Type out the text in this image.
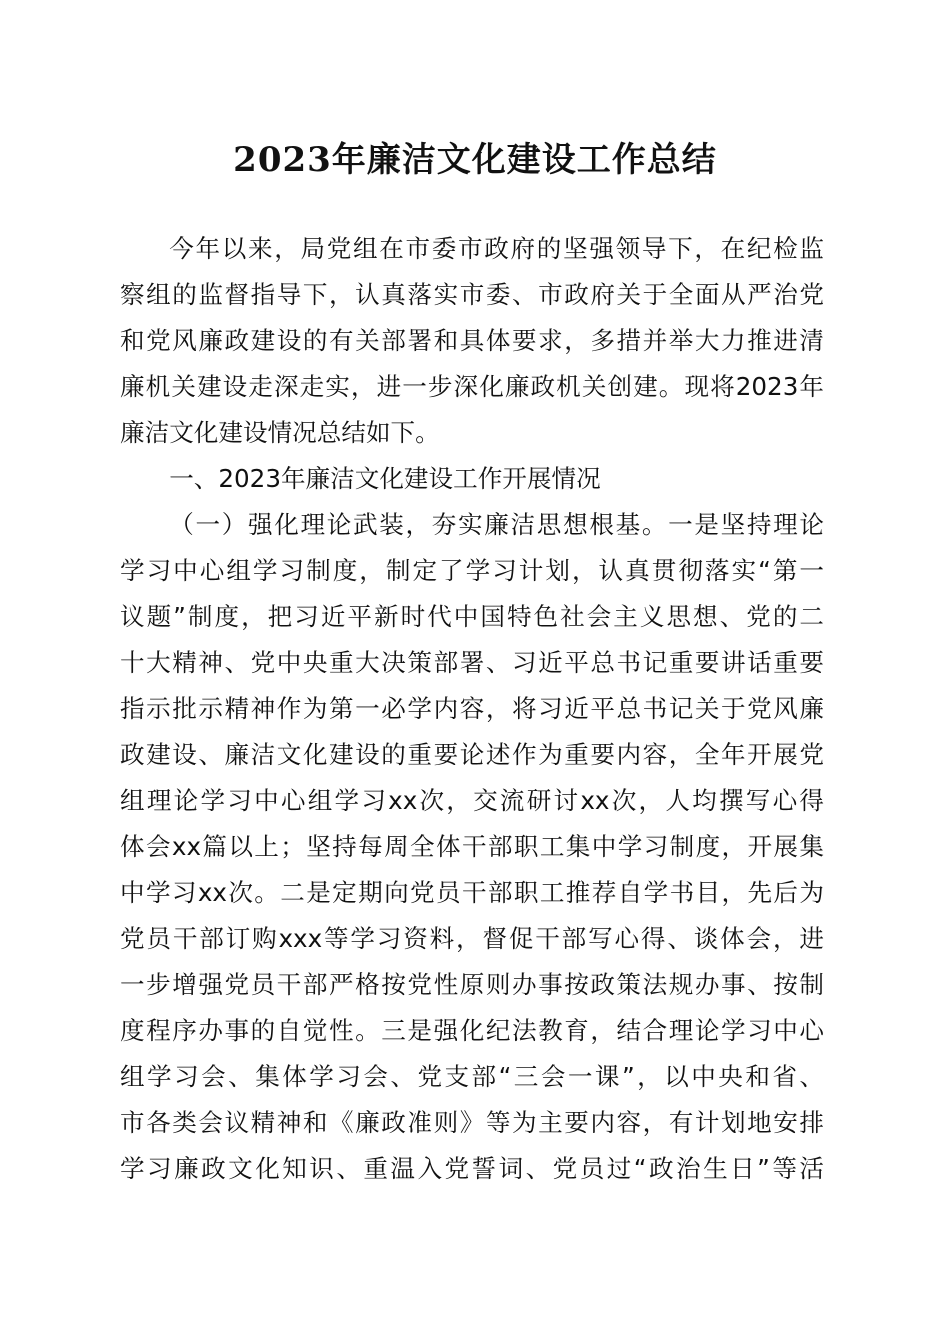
2023年廉洁文化建设工作总结
今年以来，局党组在市委市政府的坚强领导下，在纪检监
察组的监督指导下，认真落实市委、市政府关于全面从严治党
和党风廉政建设的有关部署和具体要求，多措并举大力推进清
廉机关建设走深走实，进一步深化廉政机关创建。现将2023年
廉洁文化建设情况总结如下。
一、2023年廉洁文化建设工作开展情况
（一）强化理论武装，夯实廉洁思想根基。一是坚持理论
学习中心组学习制度，制定了学习计划，认真贯彻落实“第一
议题”制度，把习近平新时代中国特色社会主义思想、党的二
十大精神、党中央重大决策部署、习近平总书记重要讲话重要
指示批示精神作为第一必学内容，将习近平总书记关于党风廉
政建设、廉洁文化建设的重要论述作为重要内容，全年开展党
组理论学习中心组学习xx次，交流研讨xx次，人均撰写心得
体会xx篇以上；坚持每周全体干部职工集中学习制度，开展集
中学习xx次。二是定期向党员干部职工推荐自学书目，先后为
党员干部订购xxx等学习资料，督促干部写心得、谈体会，进
一步增强党员干部严格按党性原则办事按政策法规办事、按制
度程序办事的自觉性。三是强化纪法教育，结合理论学习中心
组学习会、集体学习会、党支部“三会一课”，以中央和省、
市各类会议精神和《廉政准则》等为主要内容，有计划地安排
学习廉政文化知识、重温入党誓词、党员过“政治生日”等活
